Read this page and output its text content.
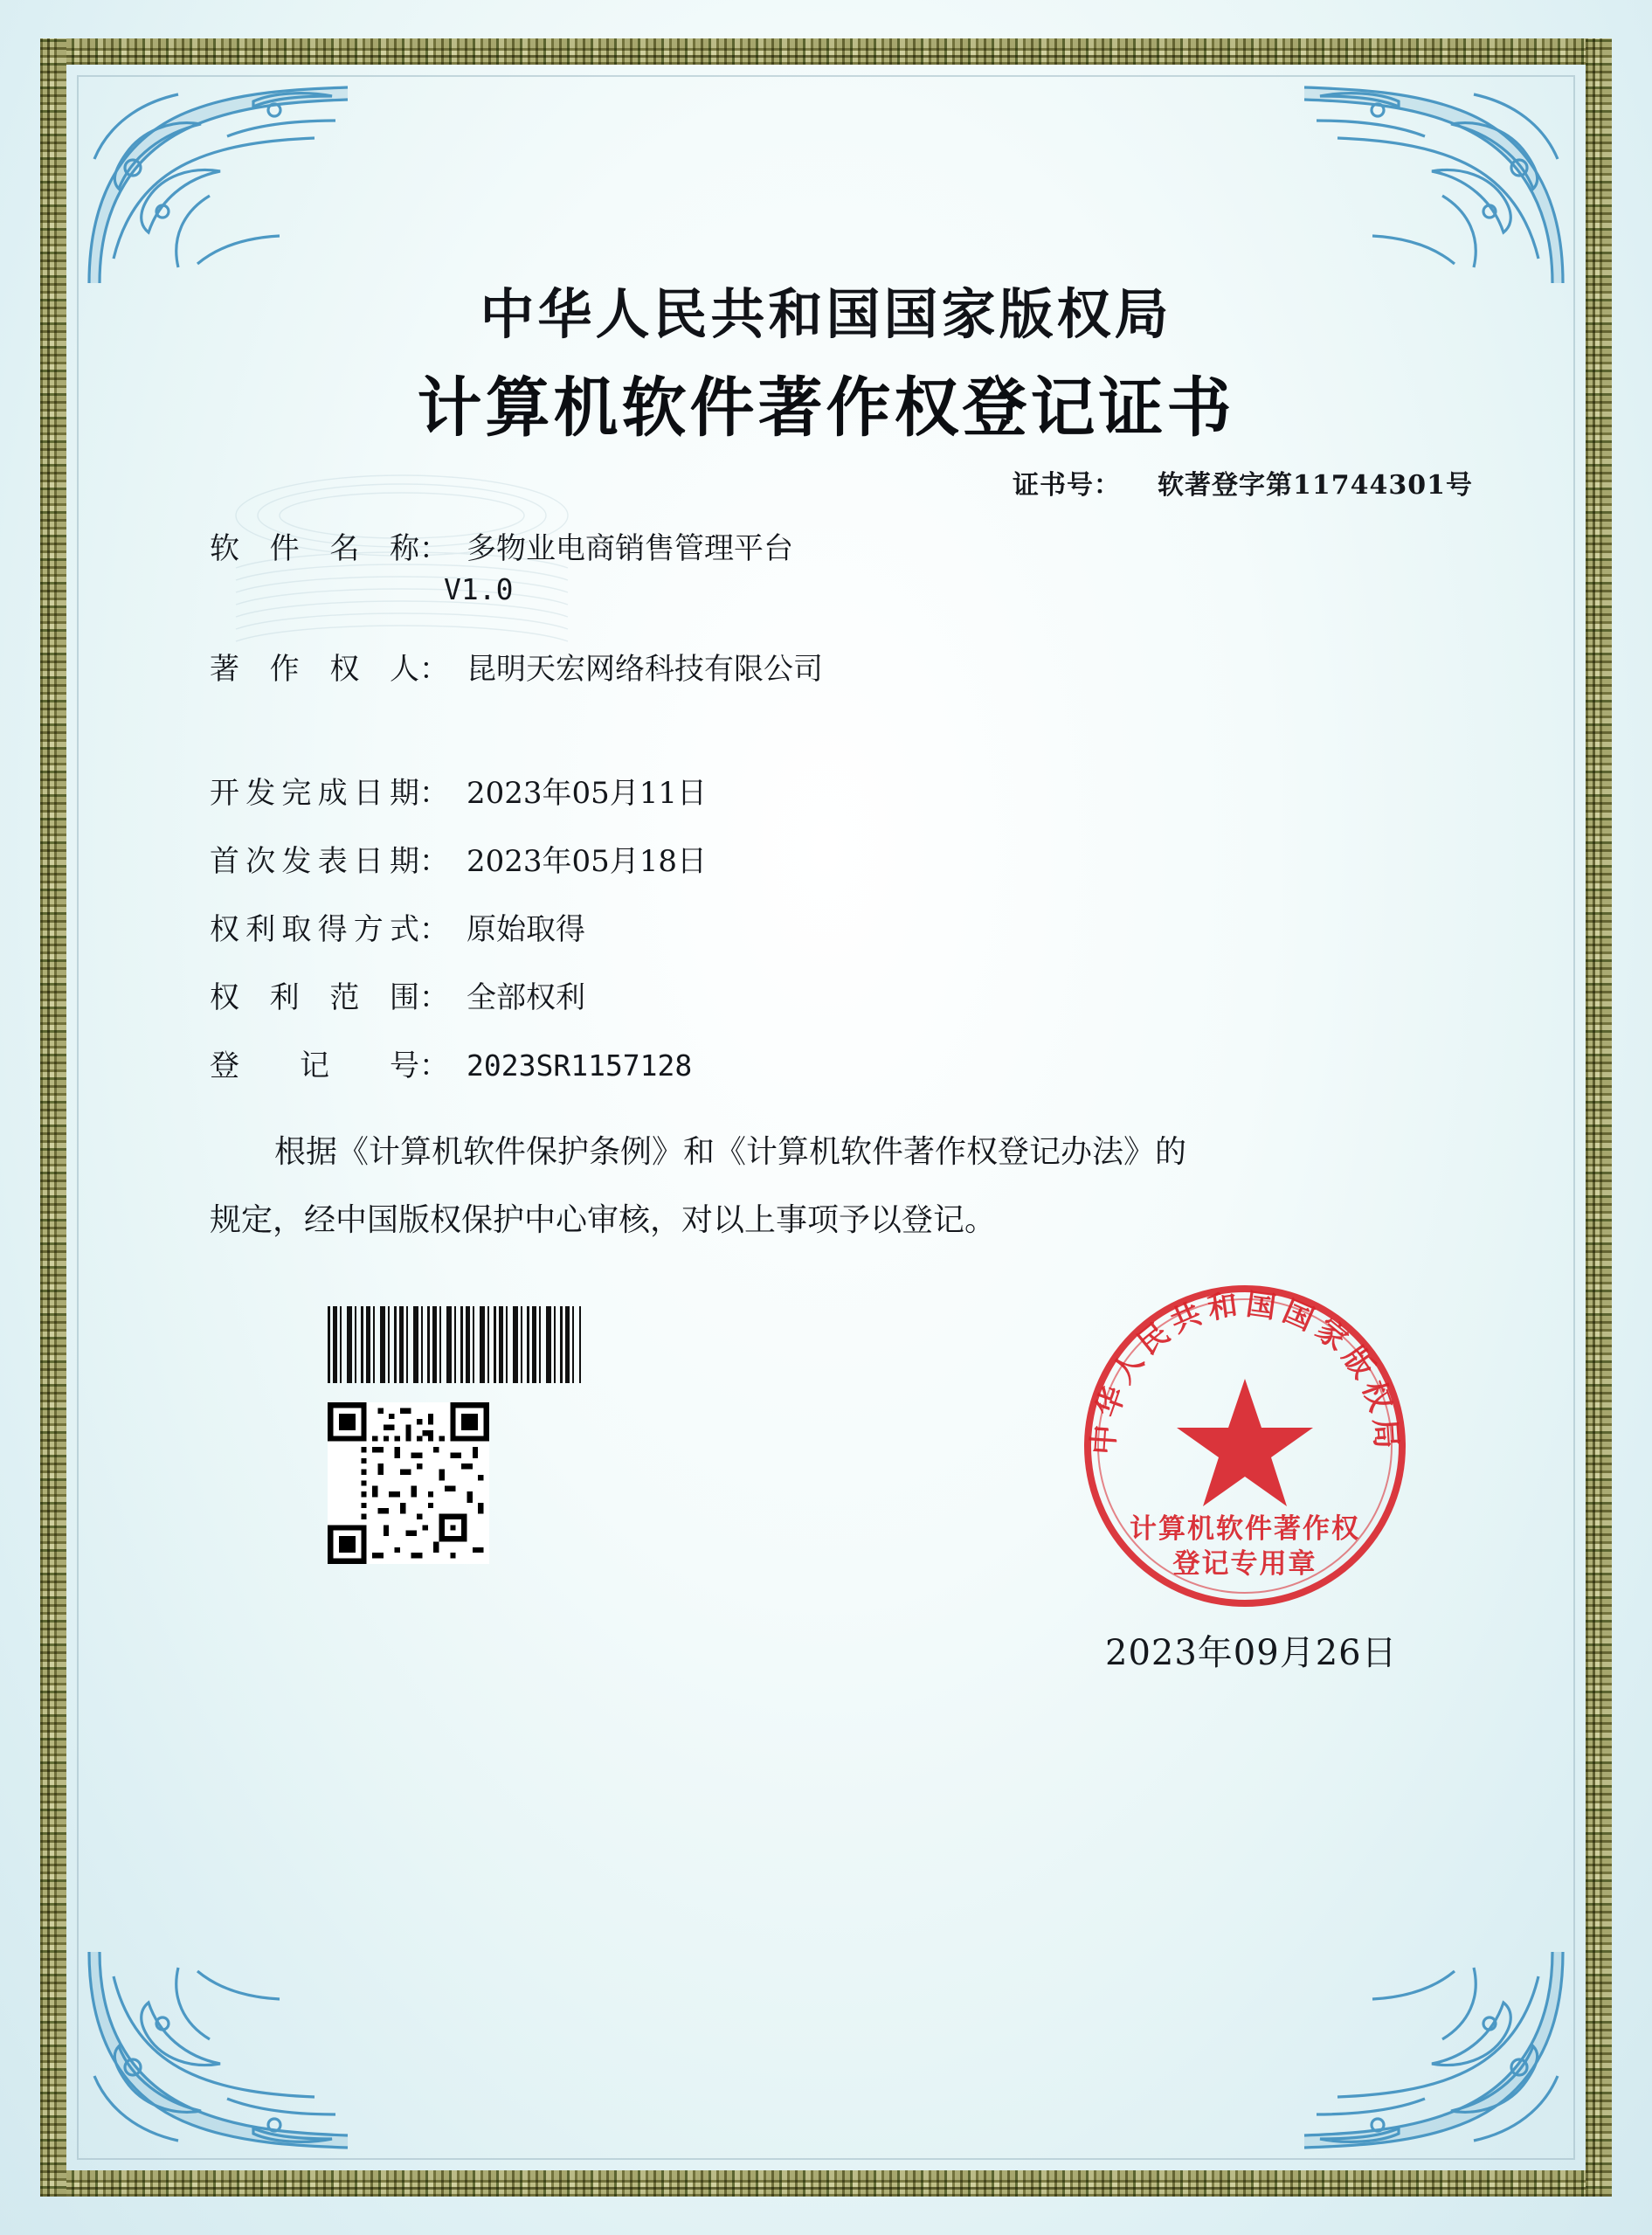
中华人民共和国国家版权局
计算机软件著作权登记证书
证书号： 软著登字第11744301号
软件名称： 多物业电商销售管理平台
V1.0
著作权人： 昆明天宏网络科技有限公司
开发完成日期： 2023年05月11日
首次发表日期： 2023年05月18日
权利取得方式： 原始取得
权利范围： 全部权利
登记号： 2023SR1157128
根据《计算机软件保护条例》和《计算机软件著作权登记办法》的
规定，经中国版权保护中心审核，对以上事项予以登记。
中华人民共和国国家版权局
计算机软件著作权
登记专用章
2023年09月26日
